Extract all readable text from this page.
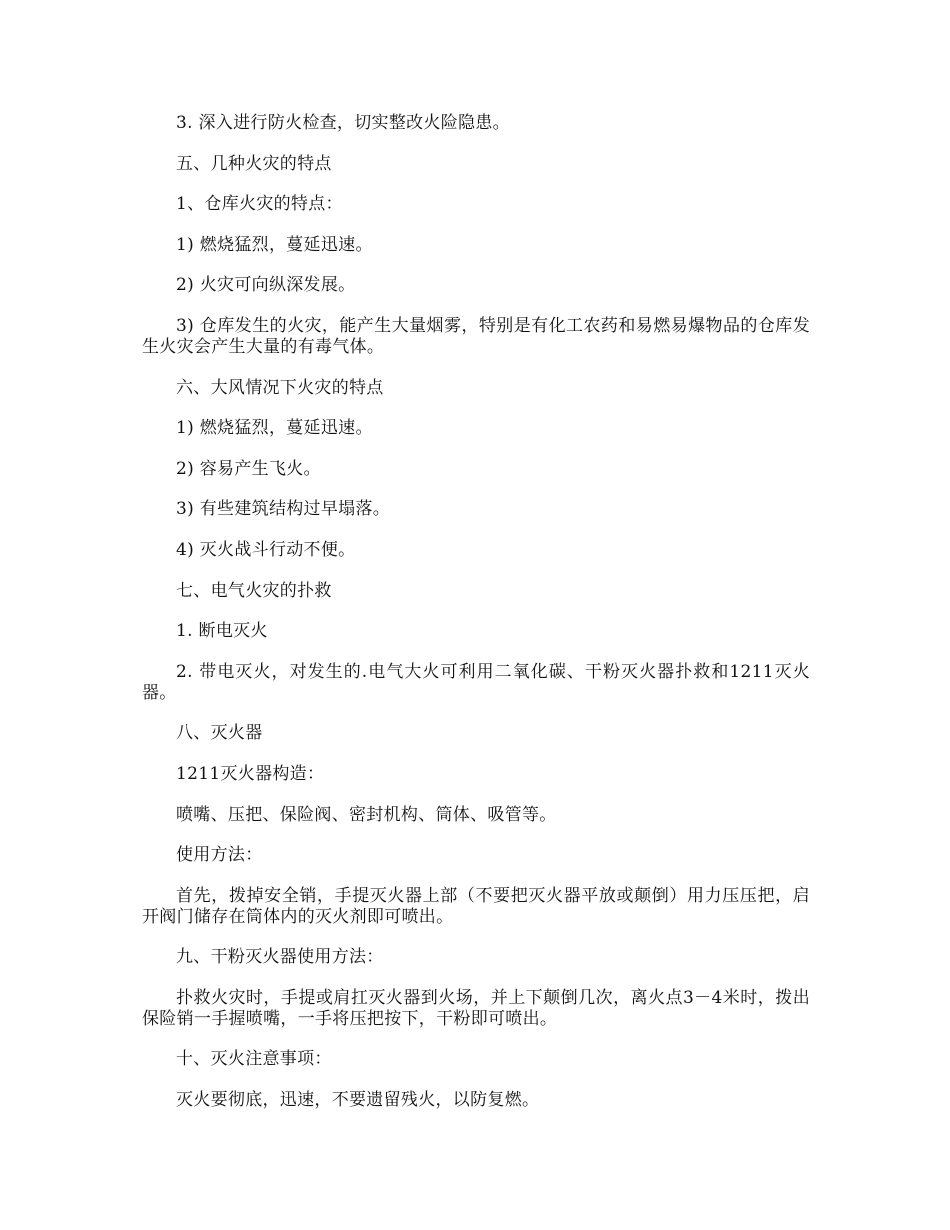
3. 深入进行防火检查，切实整改火险隐患。

五、几种火灾的特点

1、仓库火灾的特点：

1) 燃烧猛烈，蔓延迅速。

2) 火灾可向纵深发展。

3) 仓库发生的火灾，能产生大量烟雾，特别是有化工农药和易燃易爆物品的仓库发生火灾会产生大量的有毒气体。

六、大风情况下火灾的特点

1) 燃烧猛烈，蔓延迅速。

2) 容易产生飞火。

3) 有些建筑结构过早塌落。

4) 灭火战斗行动不便。

七、电气火灾的扑救

1. 断电灭火

2. 带电灭火，对发生的.电气大火可利用二氧化碳、干粉灭火器扑救和1211灭火器。

八、灭火器

1211灭火器构造：

喷嘴、压把、保险阀、密封机构、筒体、吸管等。

使用方法：

首先，拨掉安全销，手提灭火器上部（不要把灭火器平放或颠倒）用力压压把，启开阀门储存在筒体内的灭火剂即可喷出。

九、干粉灭火器使用方法：

扑救火灾时，手提或肩扛灭火器到火场，并上下颠倒几次，离火点3－4米时，拨出保险销一手握喷嘴，一手将压把按下，干粉即可喷出。

十、灭火注意事项：

灭火要彻底，迅速，不要遗留残火，以防复燃。
